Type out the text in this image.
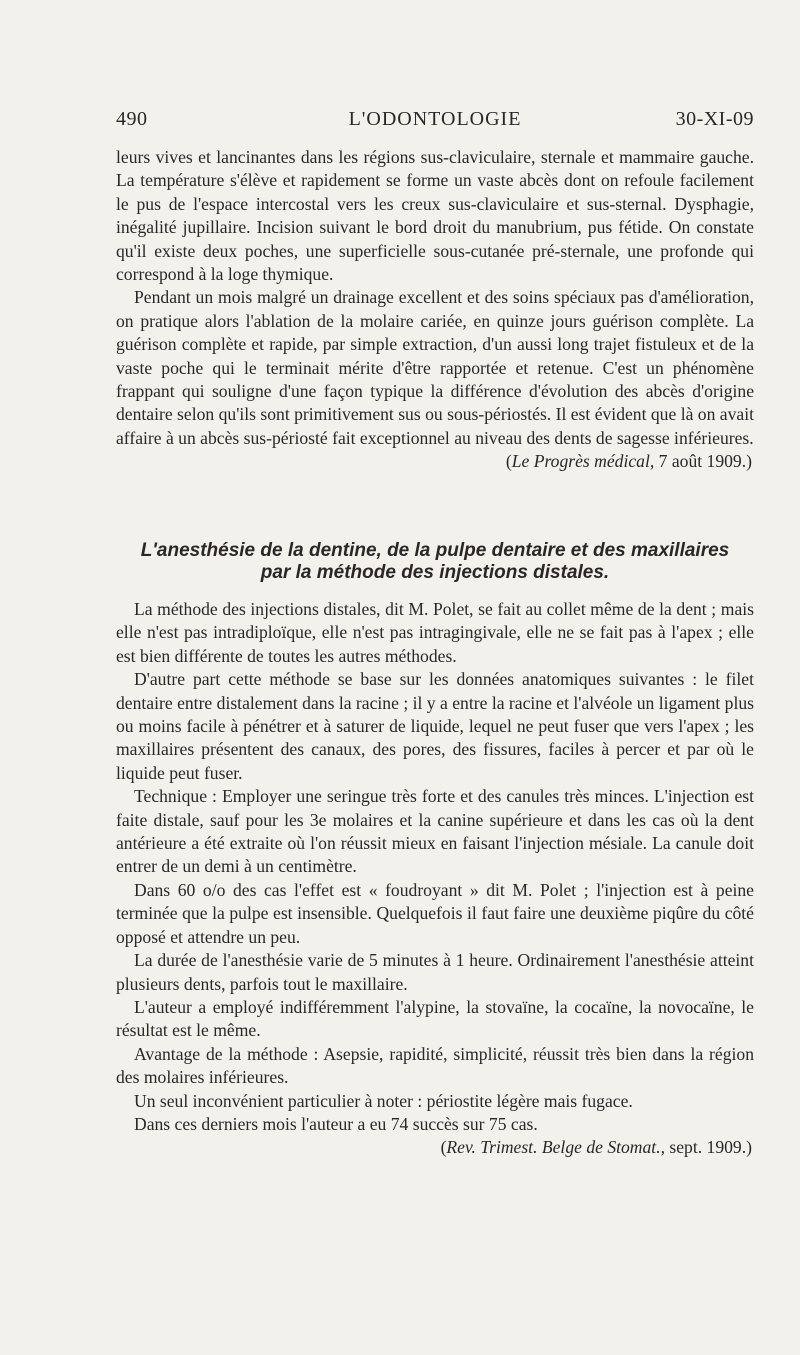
490	L'ODONTOLOGIE	30-XI-09

leurs vives et lancinantes dans les régions sus-claviculaire, sternale et mammaire gauche. La température s'élève et rapidement se forme un vaste abcès dont on refoule facilement le pus de l'espace intercostal vers les creux sus-claviculaire et sus-sternal. Dysphagie, inégalité jupillaire. Incision suivant le bord droit du manubrium, pus fétide. On constate qu'il existe deux poches, une superficielle sous-cutanée pré-sternale, une profonde qui correspond à la loge thymique.

Pendant un mois malgré un drainage excellent et des soins spéciaux pas d'amélioration, on pratique alors l'ablation de la molaire cariée, en quinze jours guérison complète. La guérison complète et rapide, par simple extraction, d'un aussi long trajet fistuleux et de la vaste poche qui le terminait mérite d'être rapportée et retenue. C'est un phénomène frappant qui souligne d'une façon typique la différence d'évolution des abcès d'origine dentaire selon qu'ils sont primitivement sus ou sous-périostés. Il est évident que là on avait affaire à un abcès sus-périosté fait exceptionnel au niveau des dents de sagesse inférieures.

(Le Progrès médical, 7 août 1909.)

L'anesthésie de la dentine, de la pulpe dentaire et des maxillaires
par la méthode des injections distales.

La méthode des injections distales, dit M. Polet, se fait au collet même de la dent ; mais elle n'est pas intradiploïque, elle n'est pas intragingivale, elle ne se fait pas à l'apex ; elle est bien différente de toutes les autres méthodes.

D'autre part cette méthode se base sur les données anatomiques suivantes : le filet dentaire entre distalement dans la racine ; il y a entre la racine et l'alvéole un ligament plus ou moins facile à pénétrer et à saturer de liquide, lequel ne peut fuser que vers l'apex ; les maxillaires présentent des canaux, des pores, des fissures, faciles à percer et par où le liquide peut fuser.

Technique : Employer une seringue très forte et des canules très minces. L'injection est faite distale, sauf pour les 3e molaires et la canine supérieure et dans les cas où la dent antérieure a été extraite où l'on réussit mieux en faisant l'injection mésiale. La canule doit entrer de un demi à un centimètre.

Dans 60 o/o des cas l'effet est « foudroyant » dit M. Polet ; l'injection est à peine terminée que la pulpe est insensible. Quelquefois il faut faire une deuxième piqûre du côté opposé et attendre un peu.

La durée de l'anesthésie varie de 5 minutes à 1 heure. Ordinairement l'anesthésie atteint plusieurs dents, parfois tout le maxillaire.

L'auteur a employé indifféremment l'alypine, la stovaïne, la cocaïne, la novocaïne, le résultat est le même.

Avantage de la méthode : Asepsie, rapidité, simplicité, réussit très bien dans la région des molaires inférieures.

Un seul inconvénient particulier à noter : périostite légère mais fugace.

Dans ces derniers mois l'auteur a eu 74 succès sur 75 cas.

(Rev. Trimest. Belge de Stomat., sept. 1909.)
